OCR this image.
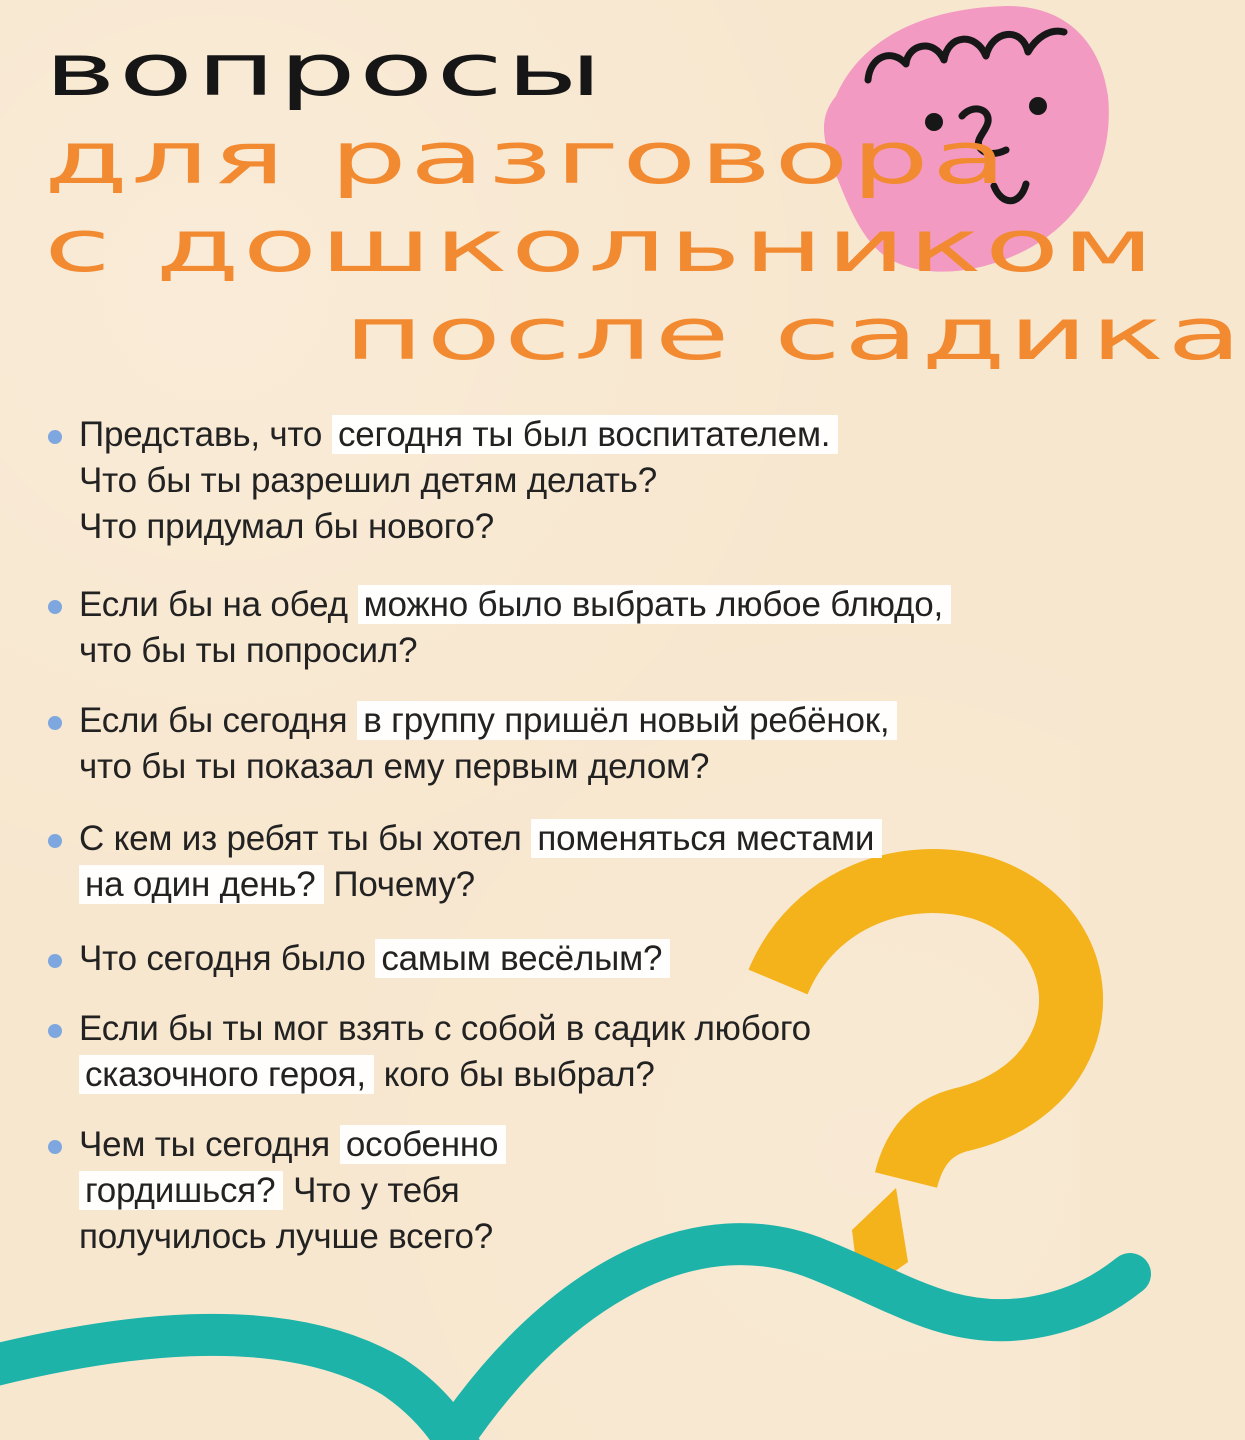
вопросы
для разговора
с дошкольником
после садика
Представь, что сегодня ты был воспитателем.
Что бы ты разрешил детям делать?
Что придумал бы нового?
Если бы на обед можно было выбрать любое блюдо,
что бы ты попросил?
Если бы сегодня в группу пришёл новый ребёнок,
что бы ты показал ему первым делом?
С кем из ребят ты бы хотел поменяться местами
на один день? Почему?
Что сегодня было самым весёлым?
Если бы ты мог взять с собой в садик любого
сказочного героя, кого бы выбрал?
Чем ты сегодня особенно
гордишься? Что у тебя
получилось лучше всего?
